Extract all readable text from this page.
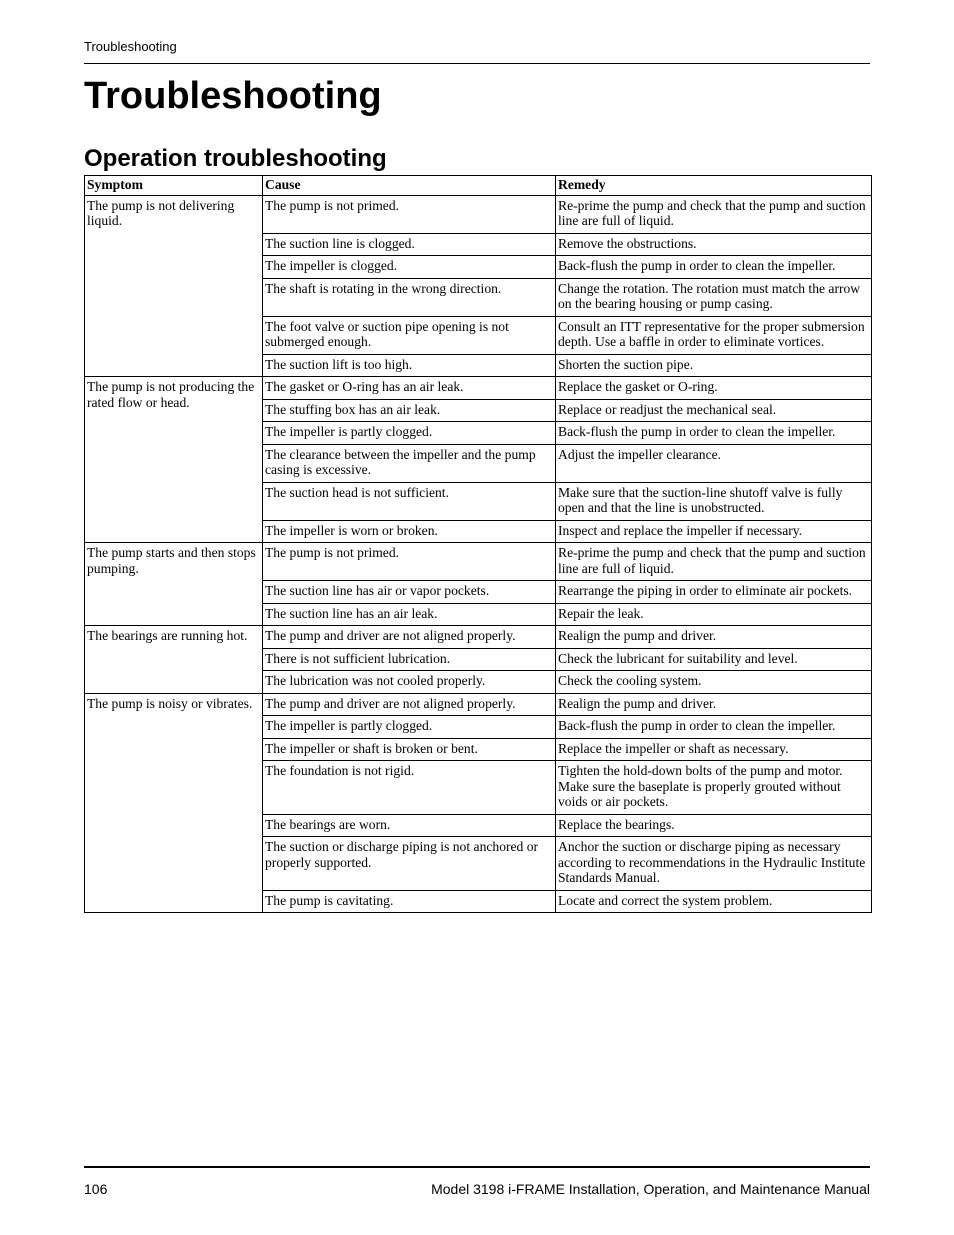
Troubleshooting
Troubleshooting
Operation troubleshooting
Symptom	Cause	Remedy
The pump is not delivering liquid.	The pump is not primed.	Re-prime the pump and check that the pump and suction line are full of liquid.
	The suction line is clogged.	Remove the obstructions.
	The impeller is clogged.	Back-flush the pump in order to clean the impeller.
	The shaft is rotating in the wrong direction.	Change the rotation. The rotation must match the arrow on the bearing housing or pump casing.
	The foot valve or suction pipe opening is not submerged enough.	Consult an ITT representative for the proper submersion depth. Use a baffle in order to eliminate vortices.
	The suction lift is too high.	Shorten the suction pipe.
The pump is not producing the rated flow or head.	The gasket or O-ring has an air leak.	Replace the gasket or O-ring.
	The stuffing box has an air leak.	Replace or readjust the mechanical seal.
	The impeller is partly clogged.	Back-flush the pump in order to clean the impeller.
	The clearance between the impeller and the pump casing is excessive.	Adjust the impeller clearance.
	The suction head is not sufficient.	Make sure that the suction-line shutoff valve is fully open and that the line is unobstructed.
	The impeller is worn or broken.	Inspect and replace the impeller if necessary.
The pump starts and then stops pumping.	The pump is not primed.	Re-prime the pump and check that the pump and suction line are full of liquid.
	The suction line has air or vapor pockets.	Rearrange the piping in order to eliminate air pockets.
	The suction line has an air leak.	Repair the leak.
The bearings are running hot.	The pump and driver are not aligned properly.	Realign the pump and driver.
	There is not sufficient lubrication.	Check the lubricant for suitability and level.
	The lubrication was not cooled properly.	Check the cooling system.
The pump is noisy or vibrates.	The pump and driver are not aligned properly.	Realign the pump and driver.
	The impeller is partly clogged.	Back-flush the pump in order to clean the impeller.
	The impeller or shaft is broken or bent.	Replace the impeller or shaft as necessary.
	The foundation is not rigid.	Tighten the hold-down bolts of the pump and motor. Make sure the baseplate is properly grouted without voids or air pockets.
	The bearings are worn.	Replace the bearings.
	The suction or discharge piping is not anchored or properly supported.	Anchor the suction or discharge piping as necessary according to recommendations in the Hydraulic Institute Standards Manual.
	The pump is cavitating.	Locate and correct the system problem.
106	Model 3198 i-FRAME Installation, Operation, and Maintenance Manual
